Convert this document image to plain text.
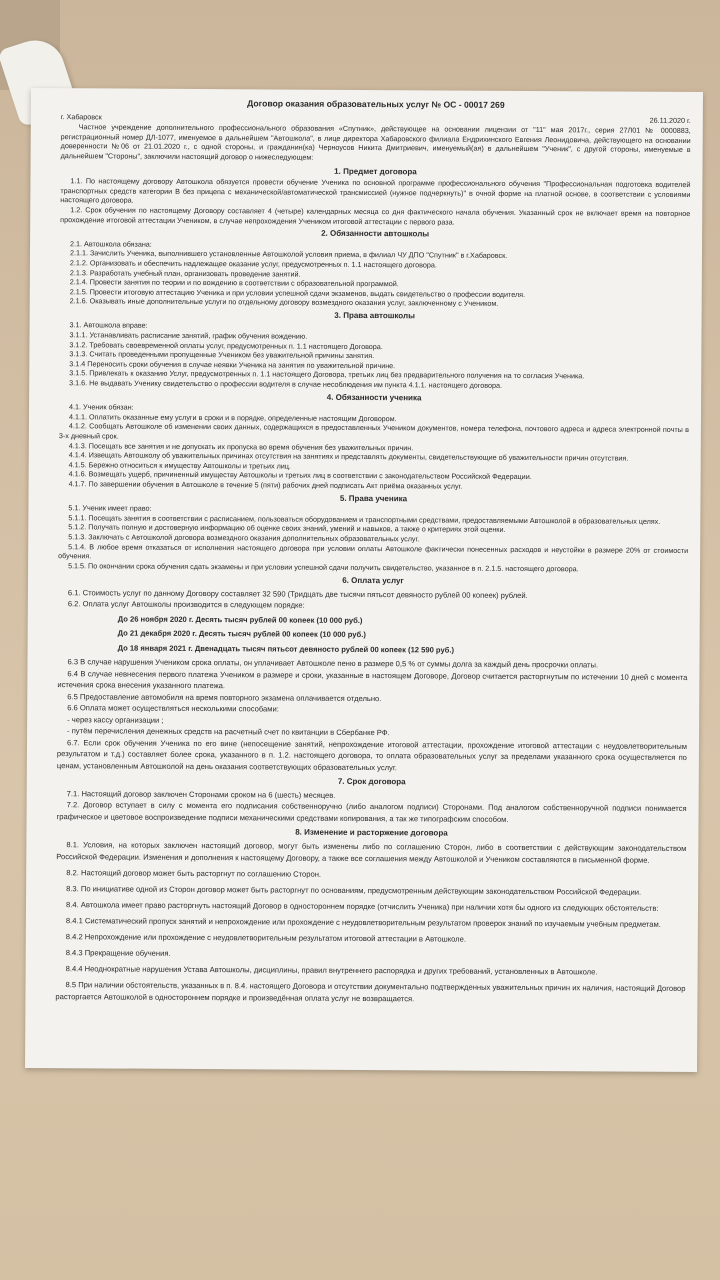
Договор оказания образовательных услуг № ОС - 00017 269
г. Хабаровск	26.11.2020 г.

Частное учреждение дополнительного профессионального образования «Спутник», действующее на основании лицензии от "11" мая 2017г., серия 27Л01 № 0000883, регистрационный номер ДЛ-1077, именуемое в дальнейшем "Автошкола", в лице директора Хабаровского филиала Ендрихинского Евгения Леонидовича, действующего на основании доверенности №06 от 21.01.2020 г., с одной стороны, и гражданин(ка) Черноусов Никита Дмитриевич, именуемый(ая) в дальнейшем "Ученик", с другой стороны, именуемые в дальнейшем "Стороны", заключили настоящий договор о нижеследующем:

1. Предмет договора

1.1. По настоящему договору Автошкола обязуется провести обучение Ученика по основной программе профессионального обучения "Профессиональная подготовка водителей транспортных средств категории В без прицепа с механической/автоматической трансмиссией (нужное подчеркнуть)" в очной форме на платной основе, в соответствии с условиями настоящего договора.

1.2. Срок обучения по настоящему Договору составляет 4 (четыре) календарных месяца со дня фактического начала обучения. Указанный срок не включает время на повторное прохождение итоговой аттестации Учеником, в случае непрохождения Учеником итоговой аттестации с первого раза.

2. Обязанности автошколы

2.1. Автошкола обязана:

2.1.1. Зачислить Ученика, выполнившего установленные Автошколой условия приема, в филиал ЧУ ДПО "Спутник" в г.Хабаровск.

2.1.2. Организовать и обеспечить надлежащее оказание услуг, предусмотренных п. 1.1 настоящего договора.

2.1.3. Разработать учебный план, организовать проведение занятий.

2.1.4. Провести занятия по теории и по вождению в соответствии с образовательной программой.

2.1.5. Провести итоговую аттестацию Ученика и при условии успешной сдачи экзаменов, выдать свидетельство о профессии водителя.

2.1.6. Оказывать иные дополнительные услуги по отдельному договору возмездного оказания услуг, заключенному с Учеником.

3. Права автошколы

3.1. Автошкола вправе:

3.1.1. Устанавливать расписание занятий, график обучения вождению.

3.1.2. Требовать своевременной оплаты услуг, предусмотренных п. 1.1 настоящего Договора.

3.1.3. Считать проведенными пропущенные Учеником без уважительной причины занятия.

3.1.4 Переносить сроки обучения в случае неявки Ученика на занятия по уважительной причине.

3.1.5. Привлекать к оказанию Услуг, предусмотренных п. 1.1 настоящего Договора, третьих лиц без предварительного получения на то согласия Ученика.

3.1.6. Не выдавать Ученику свидетельство о профессии водителя в случае несоблюдения им пункта 4.1.1. настоящего договора.

4. Обязанности ученика

4.1. Ученик обязан:

4.1.1. Оплатить оказанные ему услуги в сроки и в порядке, определенные настоящим Договором.

4.1.2. Сообщать Автошколе об изменении своих данных, содержащихся в предоставленных Учеником документов, номера телефона, почтового адреса и адреса электронной почты в 3-х дневный срок.

4.1.3. Посещать все занятия и не допускать их пропуска во время обучения без уважительных причин.

4.1.4. Извещать Автошколу об уважительных причинах отсутствия на занятиях и представлять документы, свидетельствующие об уважительности причин отсутствия.

4.1.5. Бережно относиться к имуществу Автошколы и третьих лиц.

4.1.6. Возмещать ущерб, причиненный имуществу Автошколы и третьих лиц в соответствии с законодательством Российской Федерации.

4.1.7. По завершении обучения в Автошколе в течение 5 (пяти) рабочих дней подписать Акт приёма оказанных услуг.

5. Права ученика

5.1. Ученик имеет право:

5.1.1. Посещать занятия в соответствии с расписанием, пользоваться оборудованием и транспортными средствами, предоставляемыми Автошколой в образовательных целях.

5.1.2. Получать полную и достоверную информацию об оценке своих знаний, умений и навыков, а также о критериях этой оценки.

5.1.3. Заключать с Автошколой договора возмездного оказания дополнительных образовательных услуг.

5.1.4. В любое время отказаться от исполнения настоящего договора при условии оплаты Автошколе фактически понесенных расходов и неустойки в размере 20% от стоимости обучения.

5.1.5. По окончании срока обучения сдать экзамены и при условии успешной сдачи получить свидетельство, указанное в п. 2.1.5. настоящего договора.

6. Оплата услуг

6.1. Стоимость услуг по данному Договору составляет 32 590 (Тридцать две тысячи пятьсот девяносто рублей 00 копеек) рублей.

6.2. Оплата услуг Автошколы производится в следующем порядке:

До 26 ноября 2020 г. Десять тысяч рублей 00 копеек (10 000 руб.)
До 21 декабря 2020 г. Десять тысяч рублей 00 копеек (10 000 руб.)
До 18 января 2021 г. Двенадцать тысяч пятьсот девяносто рублей 00 копеек (12 590 руб.)

6.3 В случае нарушения Учеником срока оплаты, он уплачивает Автошколе пеню в размере 0,5 % от суммы долга за каждый день просрочки оплаты.

6.4 В случае невнесения первого платежа Учеником в размере и сроки, указанные в настоящем Договоре, Договор считается расторгнутым по истечении 10 дней с момента истечения срока внесения указанного платежа.

6.5 Предоставление автомобиля на время повторного экзамена оплачивается отдельно.

6.6 Оплата может осуществляться несколькими способами:

- через кассу организации ;

- путём перечисления денежных средств на расчетный счет по квитанции в Сбербанке РФ.

6.7. Если срок обучения Ученика по его вине (непосещение занятий, непрохождение итоговой аттестации, прохождение итоговой аттестации с неудовлетворительным результатом и т.д.) составляет более срока, указанного в п. 1.2. настоящего договора, то оплата образовательных услуг за пределами указанного срока осуществляется по ценам, установленным Автошколой на день оказания соответствующих образовательных услуг.

7. Срок договора

7.1. Настоящий договор заключен Сторонами сроком на 6 (шесть) месяцев.

7.2. Договор вступает в силу с момента его подписания собственноручно (либо аналогом подписи) Сторонами. Под аналогом собственноручной подписи понимается графическое и цветовое воспроизведение подписи механическими средствами копирования, а так же типографским способом.

8. Изменение и расторжение договора

8.1. Условия, на которых заключен настоящий договор, могут быть изменены либо по соглашению Сторон, либо в соответствии с действующим законодательством Российской Федерации. Изменения и дополнения к настоящему Договору, а также все соглашения между Автошколой и Учеником составляются в письменной форме.

8.2. Настоящий договор может быть расторгнут по соглашению Сторон.

8.3. По инициативе одной из Сторон договор может быть расторгнут по основаниям, предусмотренным действующим законодательством Российской Федерации.

8.4. Автошкола имеет право расторгнуть настоящий Договор в одностороннем порядке (отчислить Ученика) при наличии хотя бы одного из следующих обстоятельств:

8.4.1 Систематический пропуск занятий и непрохождение или прохождение с неудовлетворительным результатом проверок знаний по изучаемым учебным предметам.

8.4.2 Непрохождение или прохождение с неудовлетворительным результатом итоговой аттестации в Автошколе.

8.4.3 Прекращение обучения.

8.4.4 Неоднократные нарушения Устава Автошколы, дисциплины, правил внутреннего распорядка и других требований, установленных в Автошколе.

8.5 При наличии обстоятельств, указанных в п. 8.4. настоящего Договора и отсутствии документально подтвержденных уважительных причин их наличия, настоящий Договор расторгается Автошколой в одностороннем порядке и произведённая оплата услуг не возвращается.
